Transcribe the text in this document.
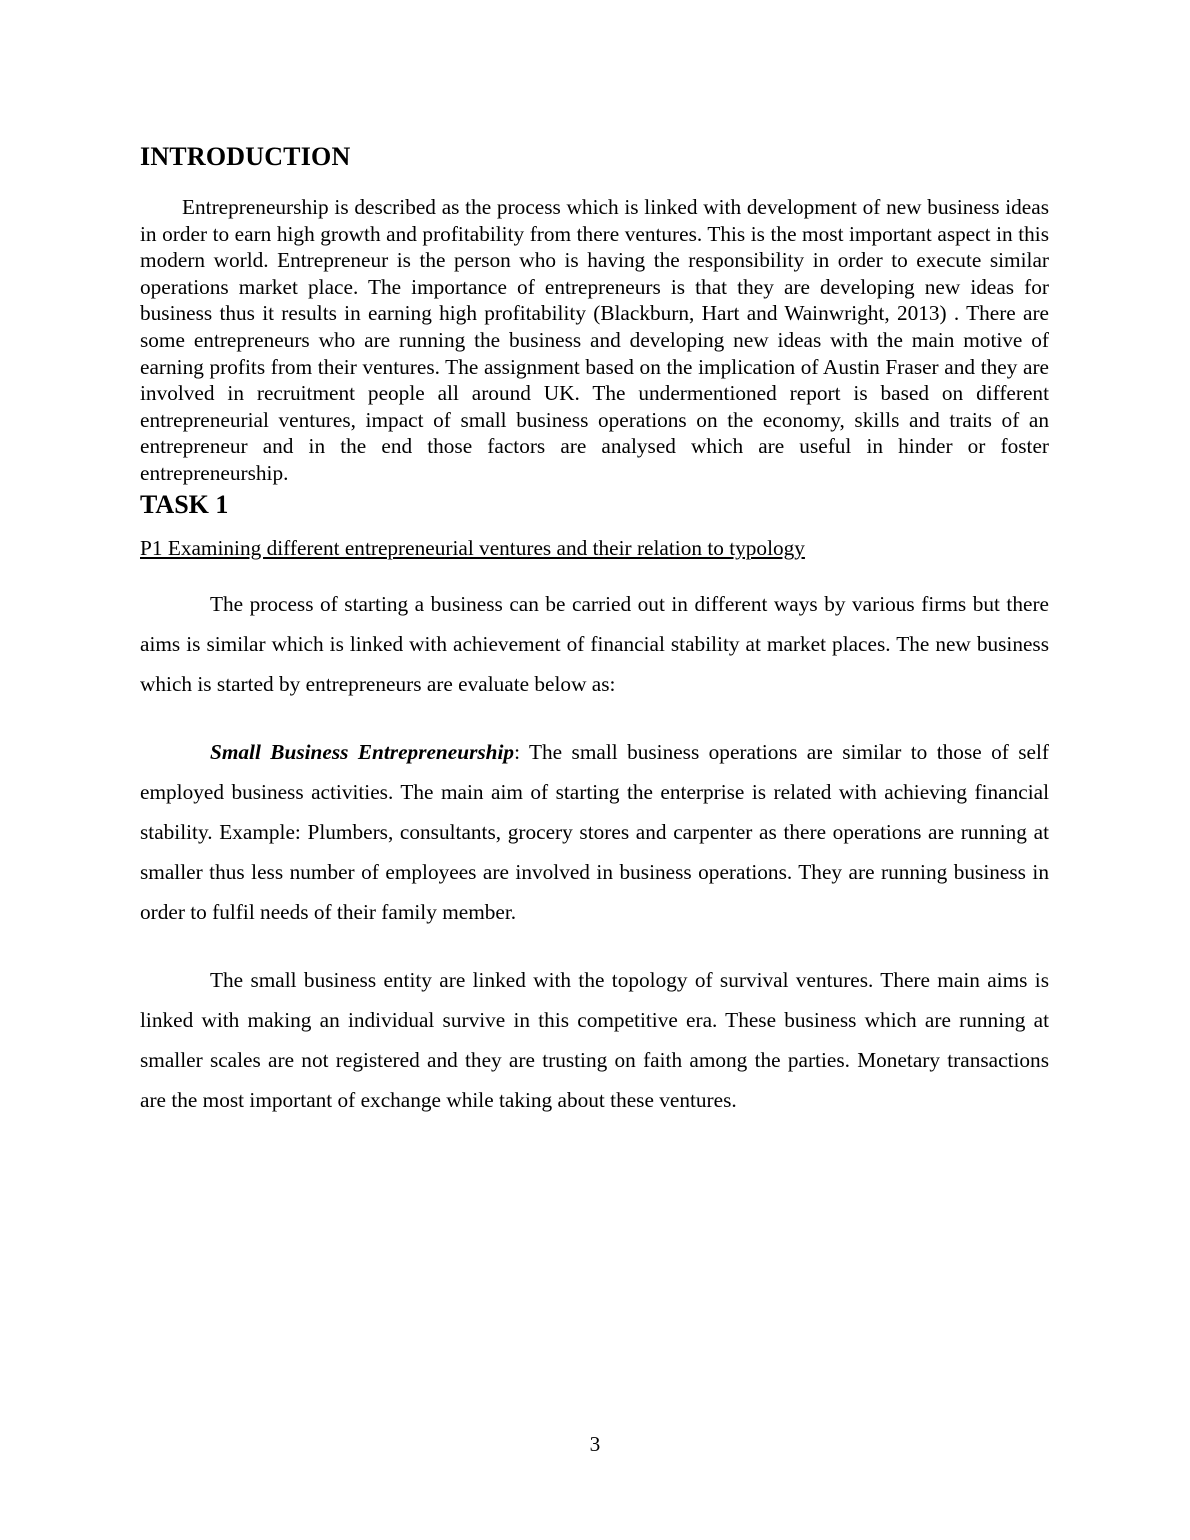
INTRODUCTION

Entrepreneurship is described as the process which is linked with development of new business ideas in order to earn high growth and profitability from there ventures. This is the most important aspect in this modern world. Entrepreneur is the person who is having the responsibility in order to execute similar operations market place. The importance of entrepreneurs is that they are developing new ideas for business thus it results in earning high profitability (Blackburn, Hart and Wainwright, 2013) . There are some entrepreneurs who are running the business and developing new ideas with the main motive of earning profits from their ventures. The assignment based on the implication of Austin Fraser and they are involved in recruitment people all around UK. The undermentioned report is based on different entrepreneurial ventures, impact of small business operations on the economy, skills and traits of an entrepreneur and in the end those factors are analysed which are useful in hinder or foster entrepreneurship.

TASK 1

P1 Examining different entrepreneurial ventures and their relation to typology

The process of starting a business can be carried out in different ways by various firms but there aims is similar which is linked with achievement of financial stability at market places. The new business which is started by entrepreneurs are evaluate below as:

Small Business Entrepreneurship: The small business operations are similar to those of self employed business activities. The main aim of starting the enterprise is related with achieving financial stability. Example: Plumbers, consultants, grocery stores and carpenter as there operations are running at smaller thus less number of employees are involved in business operations. They are running business in order to fulfil needs of their family member.

The small business entity are linked with the topology of survival ventures. There main aims is linked with making an individual survive in this competitive era. These business which are running at smaller scales are not registered and they are trusting on faith among the parties. Monetary transactions are the most important of exchange while taking about these ventures.

3
